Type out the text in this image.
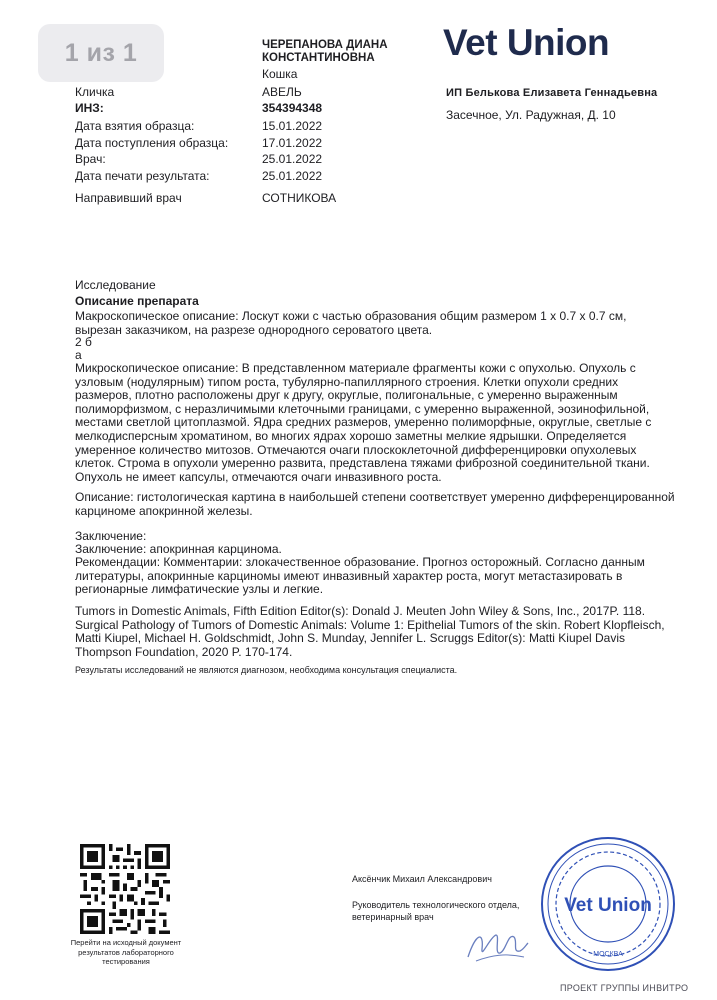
1 из 1	ЧЕРЕПАНОВА ДИАНА
КОНСТАНТИНОВНА
Кошка
Кличка	АВЕЛЬ
ИНЗ:	354394348
Дата взятия образца:	15.01.2022
Дата поступления образца:	17.01.2022
Врач:	25.01.2022
Дата печати результата:	25.01.2022
Направивший врач	СОТНИКОВА
Vet Union
ИП Белькова Елизавета Геннадьевна
Засечное, Ул. Радужная, Д. 10
Исследование
Описание препарата
Макроскопическое описание: Лоскут кожи с частью образования общим размером 1 х 0.7 х 0.7 см, вырезан заказчиком, на разрезе однородного сероватого цвета.
2 б
а
Микроскопическое описание: В представленном материале фрагменты кожи с опухолью. Опухоль с узловым (нодулярным) типом роста, тубулярно-папиллярного строения. Клетки опухоли средних размеров, плотно расположены друг к другу, округлые, полигональные, с умеренно выраженным полиморфизмом, с неразличимыми клеточными границами, с умеренно выраженной, эозинофильной, местами светлой цитоплазмой. Ядра средних размеров, умеренно полиморфные, округлые, светлые с мелкодисперсным хроматином, во многих ядрах хорошо заметны мелкие ядрышки. Определяется умеренное количество митозов. Отмечаются очаги плоскоклеточной дифференцировки опухолевых клеток. Строма в опухоли умеренно развита, представлена тяжами фиброзной соединительной ткани. Опухоль не имеет капсулы, отмечаются очаги инвазивного роста.
Описание: гистологическая картина в наибольшей степени соответствует умеренно дифференцированной карциноме апокринной железы.
Заключение:
Заключение: апокринная карцинома.
Рекомендации: Комментарии: злокачественное образование. Прогноз осторожный. Согласно данным литературы, апокринные карциномы имеют инвазивный характер роста, могут метастазировать в регионарные лимфатические узлы и легкие.
Tumors in Domestic Animals, Fifth Edition Editor(s): Donald J. Meuten John Wiley & Sons, Inc., 2017P. 118. Surgical Pathology of Tumors of Domestic Animals: Volume 1: Epithelial Tumors of the skin. Robert Klopfleisch, Matti Kiupel, Michael H. Goldschmidt, John S. Munday, Jennifer L. Scruggs Editor(s): Matti Kiupel Davis Thompson Foundation, 2020 P. 170-174.
Результаты исследований не являются диагнозом, необходима консультация специалиста.
Перейти на исходный документ результатов лабораторного тестирования
Аксёнчик Михаил Александрович
Руководитель технологического отдела, ветеринарный врач
Vet Union
МОСКВА
ПРОЕКТ ГРУППЫ ИНВИТРО
